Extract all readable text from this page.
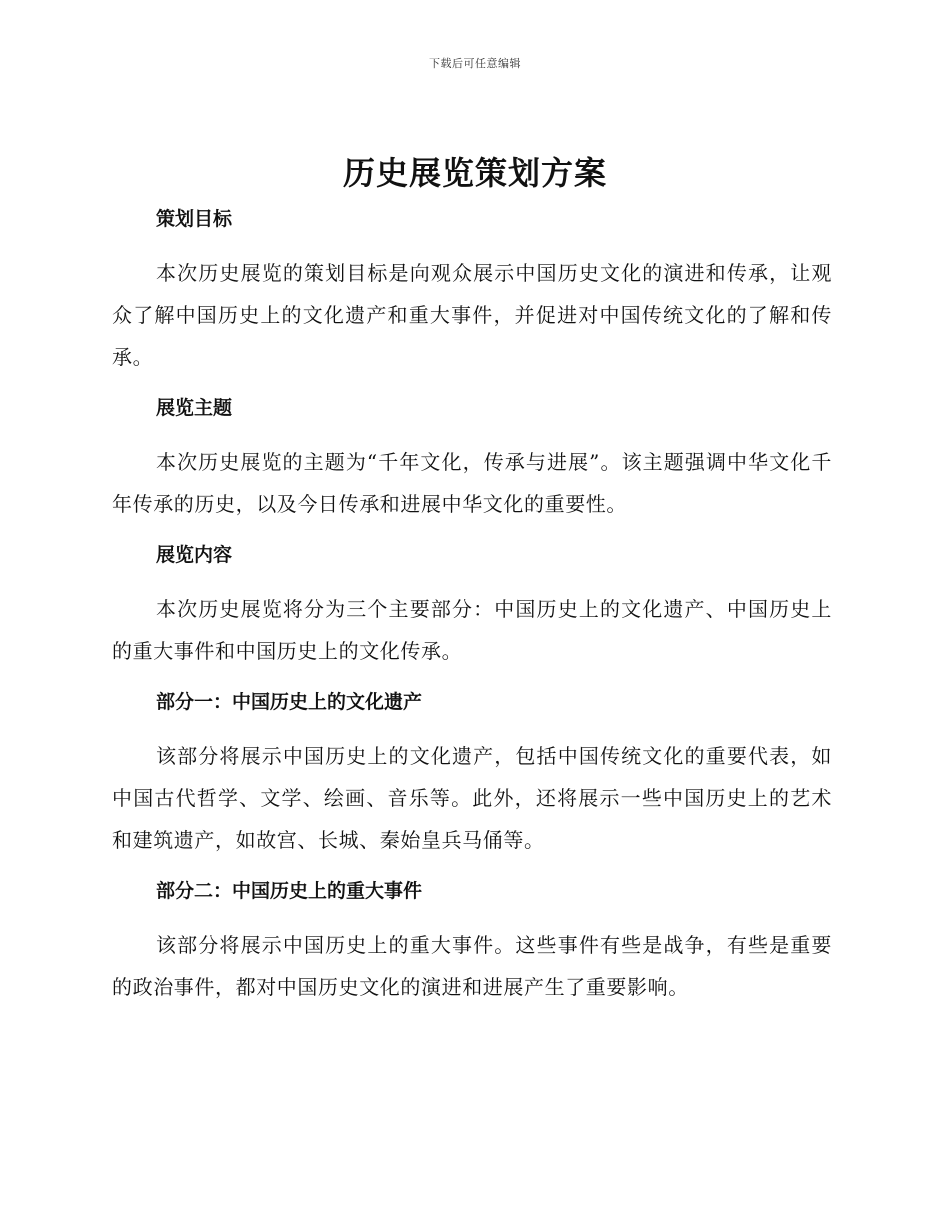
下载后可任意编辑
历史展览策划方案
策划目标

本次历史展览的策划目标是向观众展示中国历史文化的演进和传承，让观众了解中国历史上的文化遗产和重大事件，并促进对中国传统文化的了解和传承。

展览主题

本次历史展览的主题为“千年文化，传承与进展”。该主题强调中华文化千年传承的历史，以及今日传承和进展中华文化的重要性。

展览内容

本次历史展览将分为三个主要部分：中国历史上的文化遗产、中国历史上的重大事件和中国历史上的文化传承。

部分一：中国历史上的文化遗产

该部分将展示中国历史上的文化遗产，包括中国传统文化的重要代表，如中国古代哲学、文学、绘画、音乐等。此外，还将展示一些中国历史上的艺术和建筑遗产，如故宫、长城、秦始皇兵马俑等。

部分二：中国历史上的重大事件

该部分将展示中国历史上的重大事件。这些事件有些是战争，有些是重要的政治事件，都对中国历史文化的演进和进展产生了重要影响。
